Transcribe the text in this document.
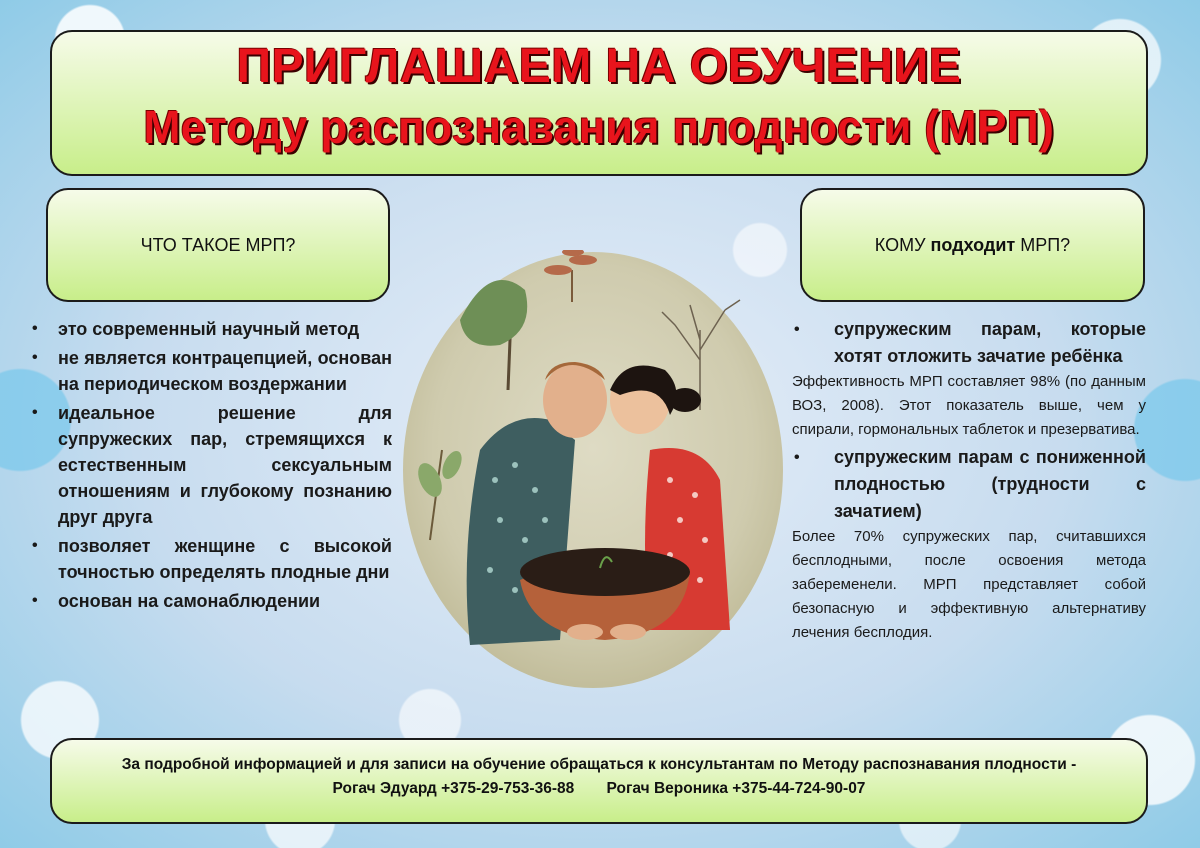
ПРИГЛАШАЕМ НА ОБУЧЕНИЕ
Методу распознавания плодности (МРП)
ЧТО ТАКОЕ МРП?	КОМУ
подходит
МРП?
• это современный научный метод
• не является контрацепцией, основан на периодическом воздержании
• идеальное решение для супружеских пар, стремящихся к естественным сексуальным отношениям и глубокому познанию друг друга
• позволяет женщине с высокой точностью определять плодные дни
• основан на самонаблюдении
• супружеским парам, которые хотят отложить зачатие ребёнка
Эффективность МРП составляет 98% (по данным ВОЗ, 2008). Этот показатель выше, чем у спирали, гормональных таблеток и презерватива.
• супружеским парам с пониженной плодностью (трудности с зачатием)
Более 70% супружеских пар, считавшихся бесплодными, после освоения метода забеременели. МРП представляет собой безопасную и эффективную альтернативу лечения бесплодия.
За подробной информацией и для записи на обучение обращаться к консультантам по Методу распознавания плодности -
Рогач Эдуард +375-29-753-36-88 Рогач Вероника +375-44-724-90-07
